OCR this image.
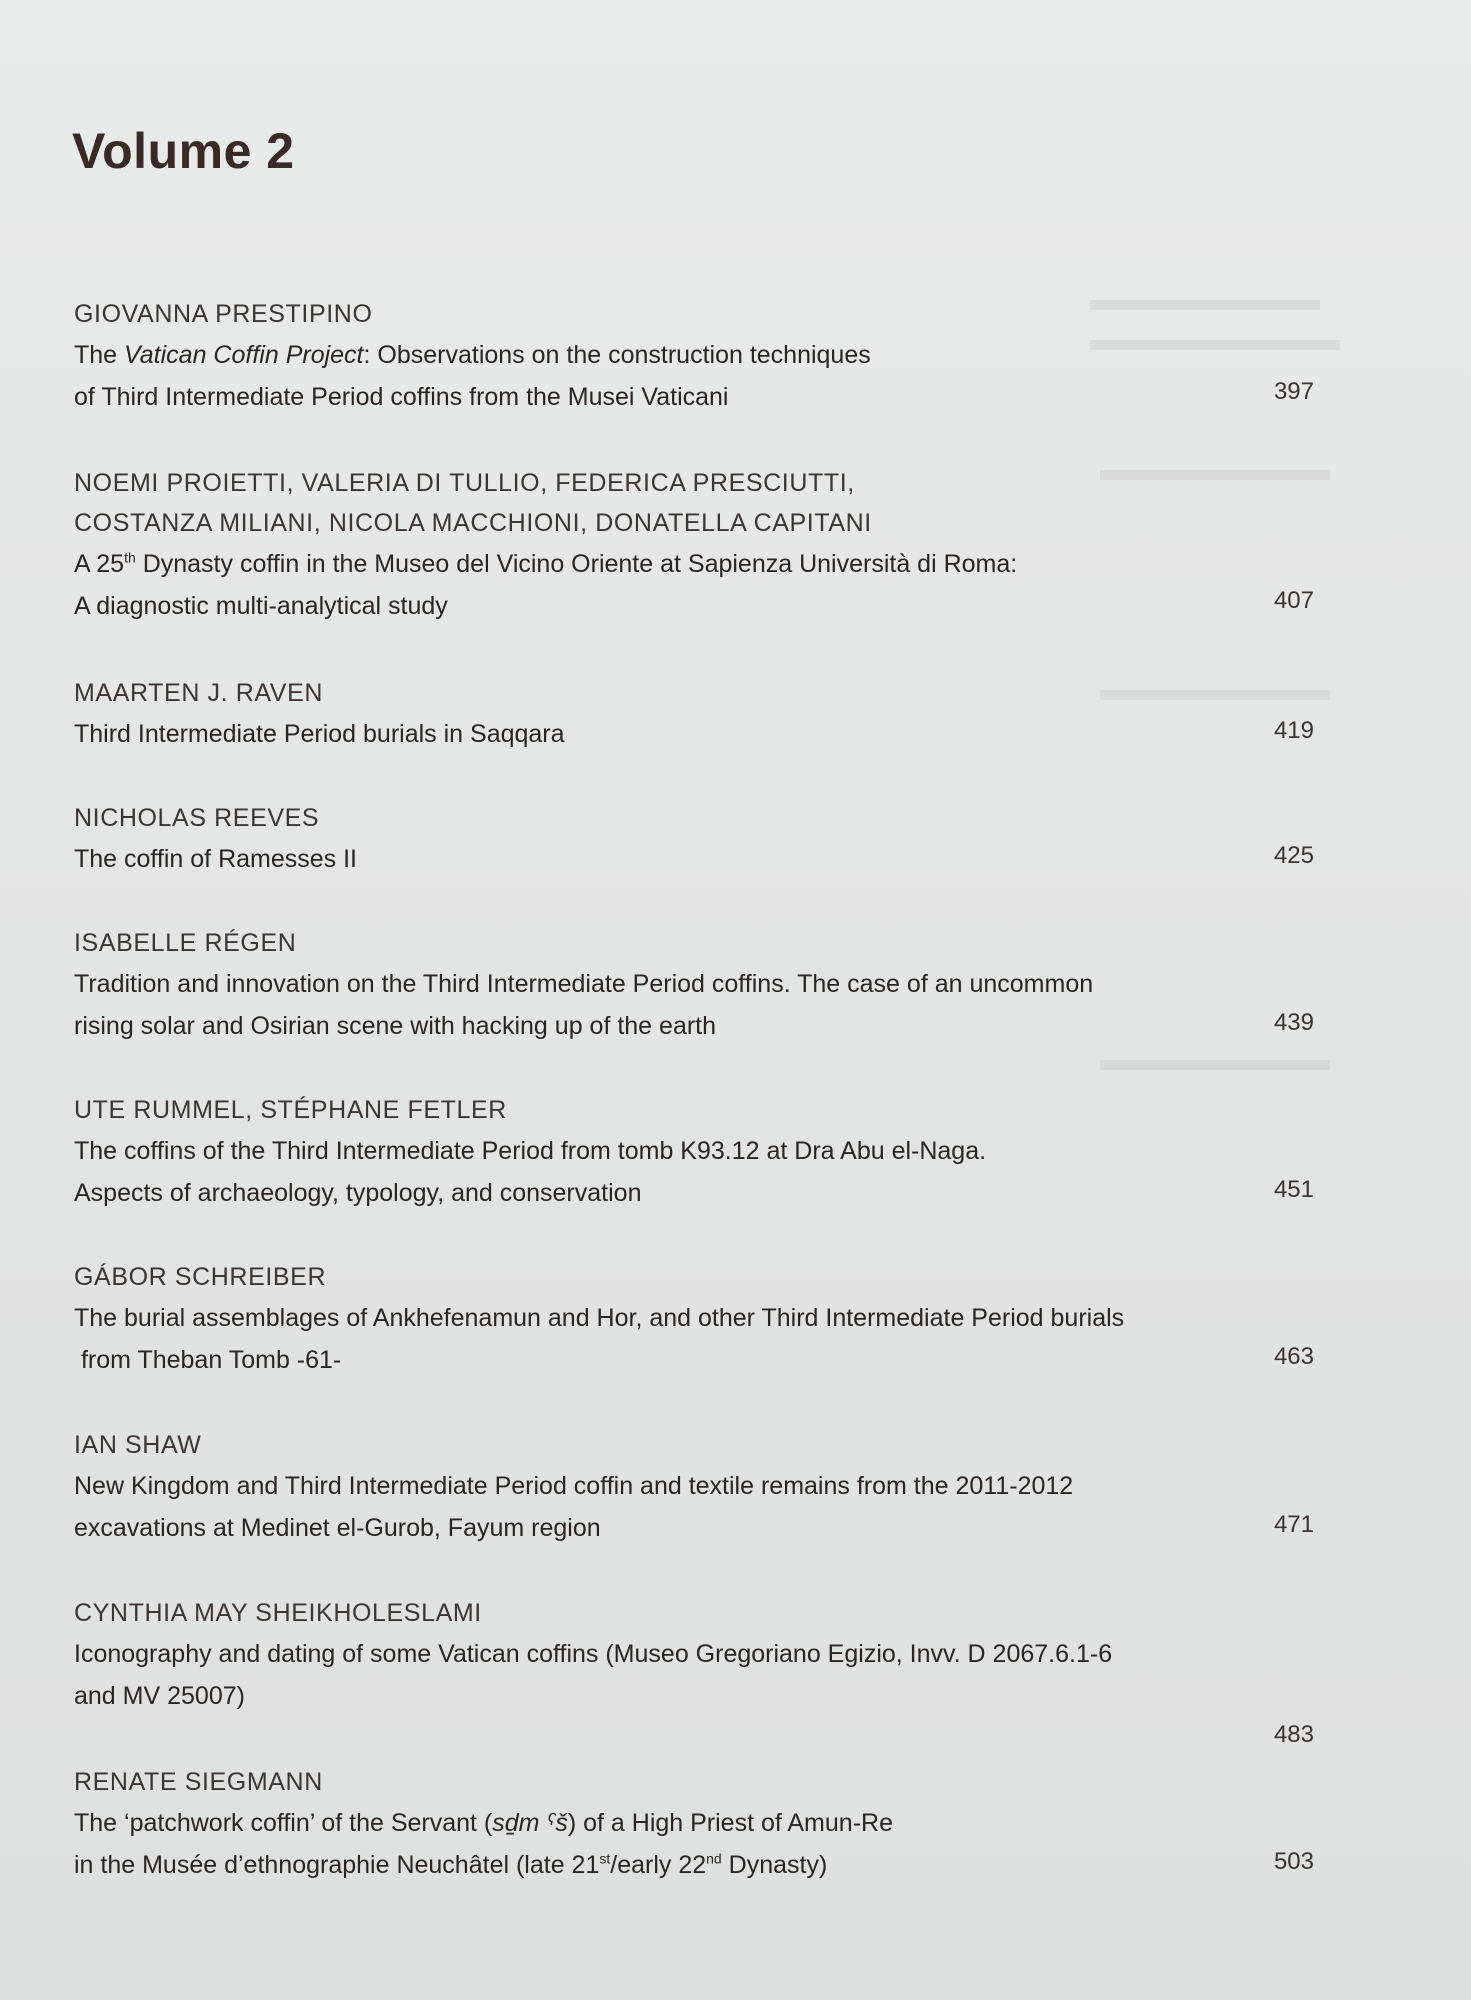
Volume 2
GIOVANNA PRESTIPINO
The Vatican Coffin Project: Observations on the construction techniques
of Third Intermediate Period coffins from the Musei Vaticani	397
NOEMI PROIETTI, VALERIA DI TULLIO, FEDERICA PRESCIUTTI,
COSTANZA MILIANI, NICOLA MACCHIONI, DONATELLA CAPITANI
A 25th Dynasty coffin in the Museo del Vicino Oriente at Sapienza Università di Roma:
A diagnostic multi-analytical study	407
MAARTEN J. RAVEN
Third Intermediate Period burials in Saqqara	419
NICHOLAS REEVES
The coffin of Ramesses II	425
ISABELLE RÉGEN
Tradition and innovation on the Third Intermediate Period coffins. The case of an uncommon
rising solar and Osirian scene with hacking up of the earth	439
UTE RUMMEL, STÉPHANE FETLER
The coffins of the Third Intermediate Period from tomb K93.12 at Dra Abu el-Naga.
Aspects of archaeology, typology, and conservation	451
GÁBOR SCHREIBER
The burial assemblages of Ankhefenamun and Hor, and other Third Intermediate Period burials
from Theban Tomb -61-	463
IAN SHAW
New Kingdom and Third Intermediate Period coffin and textile remains from the 2011-2012
excavations at Medinet el-Gurob, Fayum region	471
CYNTHIA MAY SHEIKHOLESLAMI
Iconography and dating of some Vatican coffins (Museo Gregoriano Egizio, Invv. D 2067.6.1-6
and MV 25007)
483
RENATE SIEGMANN
The ‘patchwork coffin’ of the Servant (sḏm ˁš) of a High Priest of Amun-Re
in the Musée d’ethnographie Neuchâtel (late 21st/early 22nd Dynasty)	503
